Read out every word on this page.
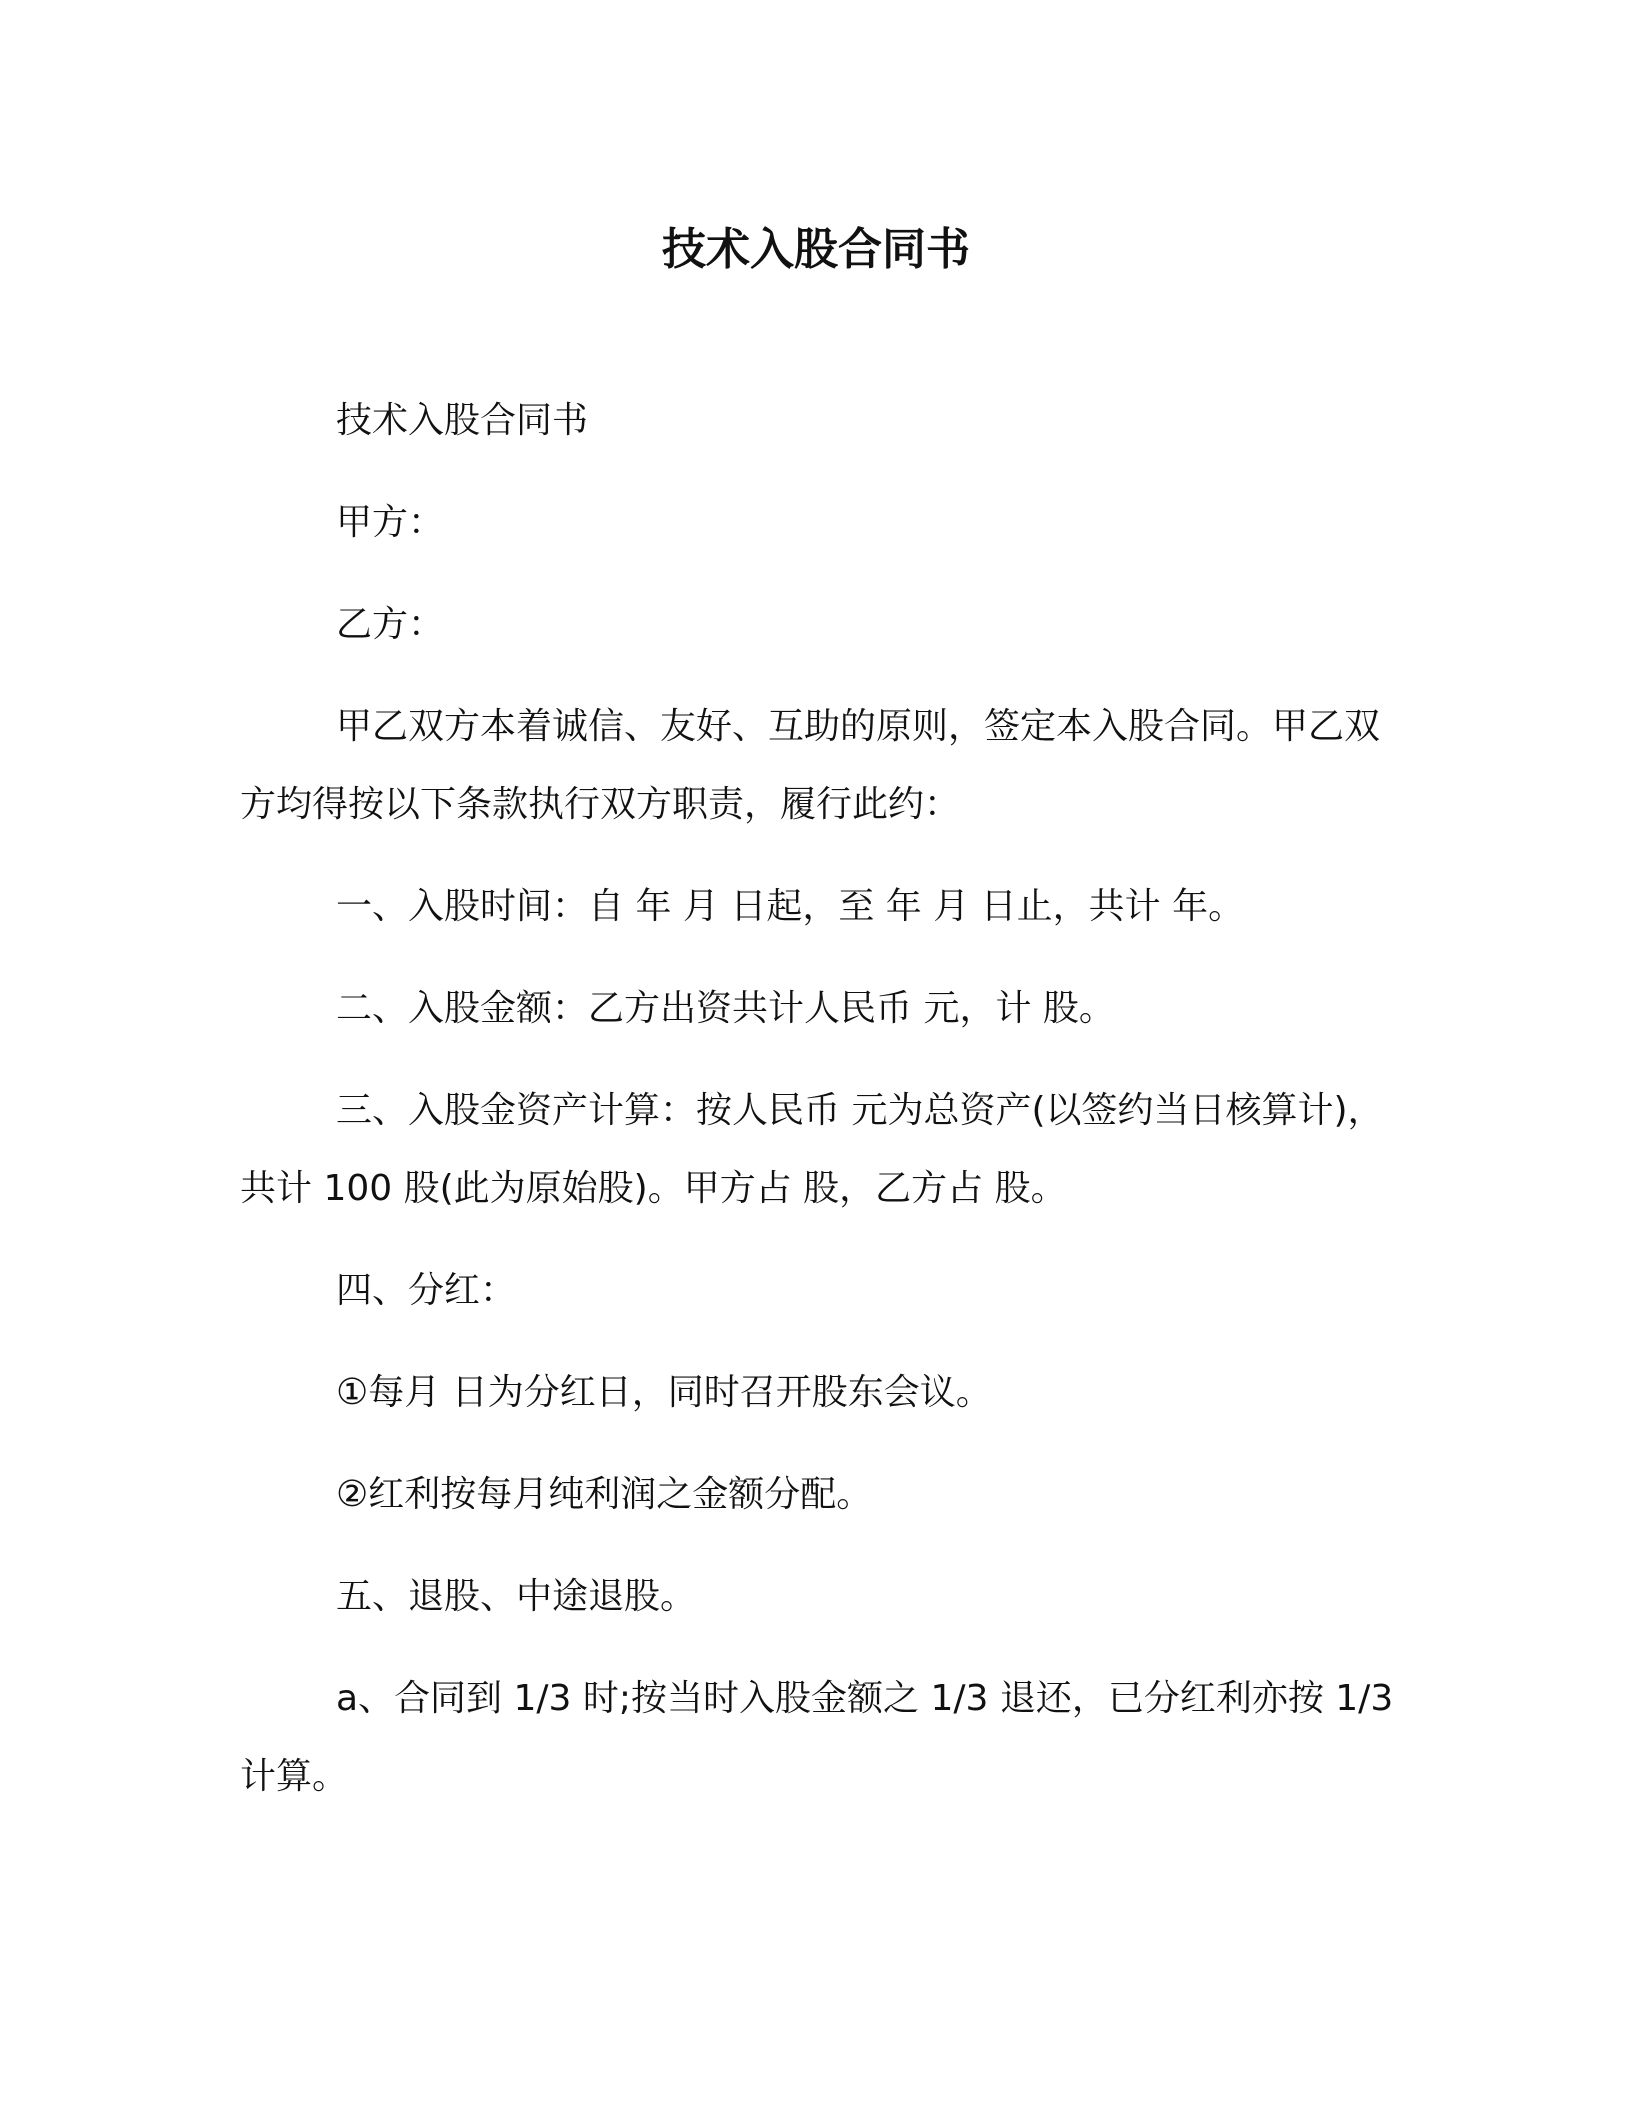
技术入股合同书

技术入股合同书

甲方：

乙方：

甲乙双方本着诚信、友好、互助的原则，签定本入股合同。甲乙双方均得按以下条款执行双方职责，履行此约：

一、入股时间：自 年 月 日起，至 年 月 日止，共计 年。

二、入股金额：乙方出资共计人民币 元，计 股。

三、入股金资产计算：按人民币 元为总资产(以签约当日核算计)，共计 100 股(此为原始股)。甲方占 股，乙方占 股。

四、分红：

①每月 日为分红日，同时召开股东会议。

②红利按每月纯利润之金额分配。

五、退股、中途退股。

a、合同到 1/3 时;按当时入股金额之 1/3 退还，已分红利亦按 1/3 计算。
